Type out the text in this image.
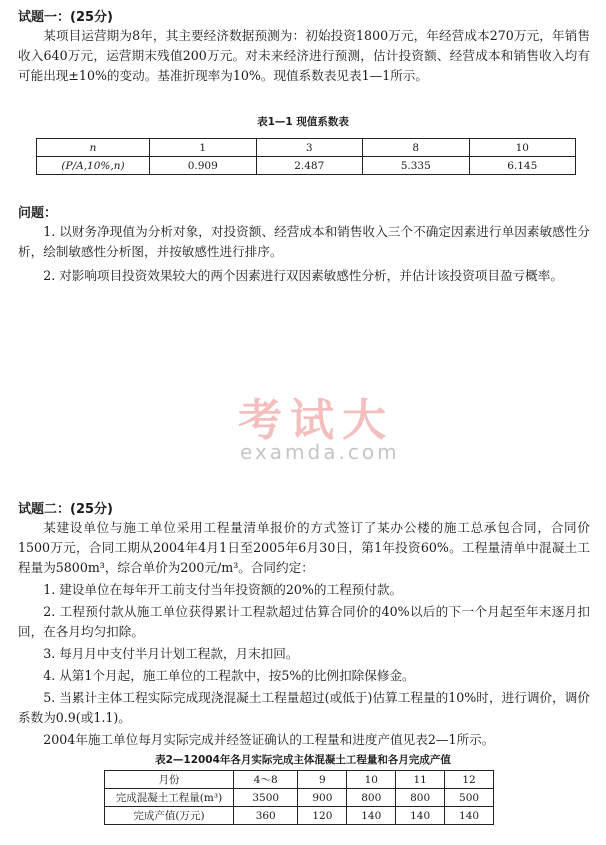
试题一：(25分)

某项目运营期为8年，其主要经济数据预测为：初始投资1800万元，年经营成本270万元，年销售收入640万元，运营期末残值200万元。对未来经济进行预测，估计投资额、经营成本和销售收入均有可能出现±10%的变动。基准折现率为10%。现值系数表见表1—1所示。

表1—1 现值系数表
n	1	3	8	10
(P/A,10%,n)	0.909	2.487	5.335	6.145
问题：

1. 以财务净现值为分析对象，对投资额、经营成本和销售收入三个不确定因素进行单因素敏感性分析，绘制敏感性分析图，并按敏感性进行排序。

2. 对影响项目投资效果较大的两个因素进行双因素敏感性分析，并估计该投资项目盈亏概率。

考试大
examda.com
试题二：(25分)

某建设单位与施工单位采用工程量清单报价的方式签订了某办公楼的施工总承包合同，合同价1500万元，合同工期从2004年4月1日至2005年6月30日，第1年投资60%。工程量清单中混凝土工程量为5800m³，综合单价为200元/m³。合同约定：

1. 建设单位在每年开工前支付当年投资额的20%的工程预付款。

2. 工程预付款从施工单位获得累计工程款超过估算合同价的40%以后的下一个月起至年末逐月扣回，在各月均匀扣除。

3. 每月月中支付半月计划工程款，月末扣回。

4. 从第1个月起，施工单位的工程款中，按5%的比例扣除保修金。

5. 当累计主体工程实际完成现浇混凝土工程量超过(或低于)估算工程量的10%时，进行调价，调价系数为0.9(或1.1)。

2004年施工单位每月实际完成并经签证确认的工程量和进度产值见表2—1所示。

表2—12004年各月实际完成主体混凝土工程量和各月完成产值
月份	4～8	9	10	11	12
完成混凝土工程量(m³)	3500	900	800	800	500
完成产值(万元)	360	120	140	140	140
